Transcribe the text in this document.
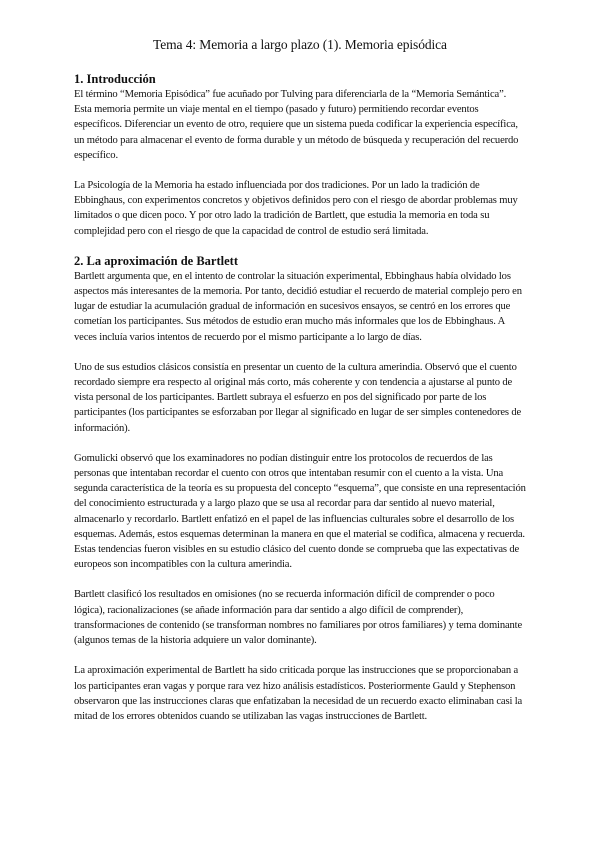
Tema 4: Memoria a largo plazo (1). Memoria episódica
1. Introducción

El término “Memoria Episódica” fue acuñado por Tulving para diferenciarla de la “Memoria Semántica”. Esta memoria permite un viaje mental en el tiempo (pasado y futuro) permitiendo recordar eventos específicos. Diferenciar un evento de otro, requiere que un sistema pueda codificar la experiencia específica, un método para almacenar el evento de forma durable y un método de búsqueda y recuperación del recuerdo específico.

La Psicología de la Memoria ha estado influenciada por dos tradiciones. Por un lado la tradición de Ebbinghaus, con experimentos concretos y objetivos definidos pero con el riesgo de abordar problemas muy limitados o que dicen poco. Y por otro lado la tradición de Bartlett, que estudia la memoria en toda su complejidad pero con el riesgo de que la capacidad de control de estudio será limitada.

2. La aproximación de Bartlett

Bartlett argumenta que, en el intento de controlar la situación experimental, Ebbinghaus había olvidado los aspectos más interesantes de la memoria. Por tanto, decidió estudiar el recuerdo de material complejo pero en lugar de estudiar la acumulación gradual de información en sucesivos ensayos, se centró en los errores que cometían los participantes. Sus métodos de estudio eran mucho más informales que los de Ebbinghaus. A veces incluía varios intentos de recuerdo por el mismo participante a lo largo de días.

Uno de sus estudios clásicos consistía en presentar un cuento de la cultura amerindia. Observó que el cuento recordado siempre era respecto al original más corto, más coherente y con tendencia a ajustarse al punto de vista personal de los participantes. Bartlett subraya el esfuerzo en pos del significado por parte de los participantes (los participantes se esforzaban por llegar al significado en lugar de ser simples contenedores de información).

Gomulicki observó que los examinadores no podían distinguir entre los protocolos de recuerdos de las personas que intentaban recordar el cuento con otros que intentaban resumir con el cuento a la vista. Una segunda característica de la teoría es su propuesta del concepto “esquema”, que consiste en una representación del conocimiento estructurada y a largo plazo que se usa al recordar para dar sentido al nuevo material, almacenarlo y recordarlo. Bartlett enfatizó en el papel de las influencias culturales sobre el desarrollo de los esquemas. Además, estos esquemas determinan la manera en que el material se codifica, almacena y recuerda. Estas tendencias fueron visibles en su estudio clásico del cuento donde se comprueba que las expectativas de europeos son incompatibles con la cultura amerindia.

Bartlett clasificó los resultados en omisiones (no se recuerda información difícil de comprender o poco lógica), racionalizaciones (se añade información para dar sentido a algo difícil de comprender), transformaciones de contenido (se transforman nombres no familiares por otros familiares) y tema dominante (algunos temas de la historia adquiere un valor dominante).

La aproximación experimental de Bartlett ha sido criticada porque las instrucciones que se proporcionaban a los participantes eran vagas y porque rara vez hizo análisis estadísticos. Posteriormente Gauld y Stephenson observaron que las instrucciones claras que enfatizaban la necesidad de un recuerdo exacto eliminaban casi la mitad de los errores obtenidos cuando se utilizaban las vagas instrucciones de Bartlett.
